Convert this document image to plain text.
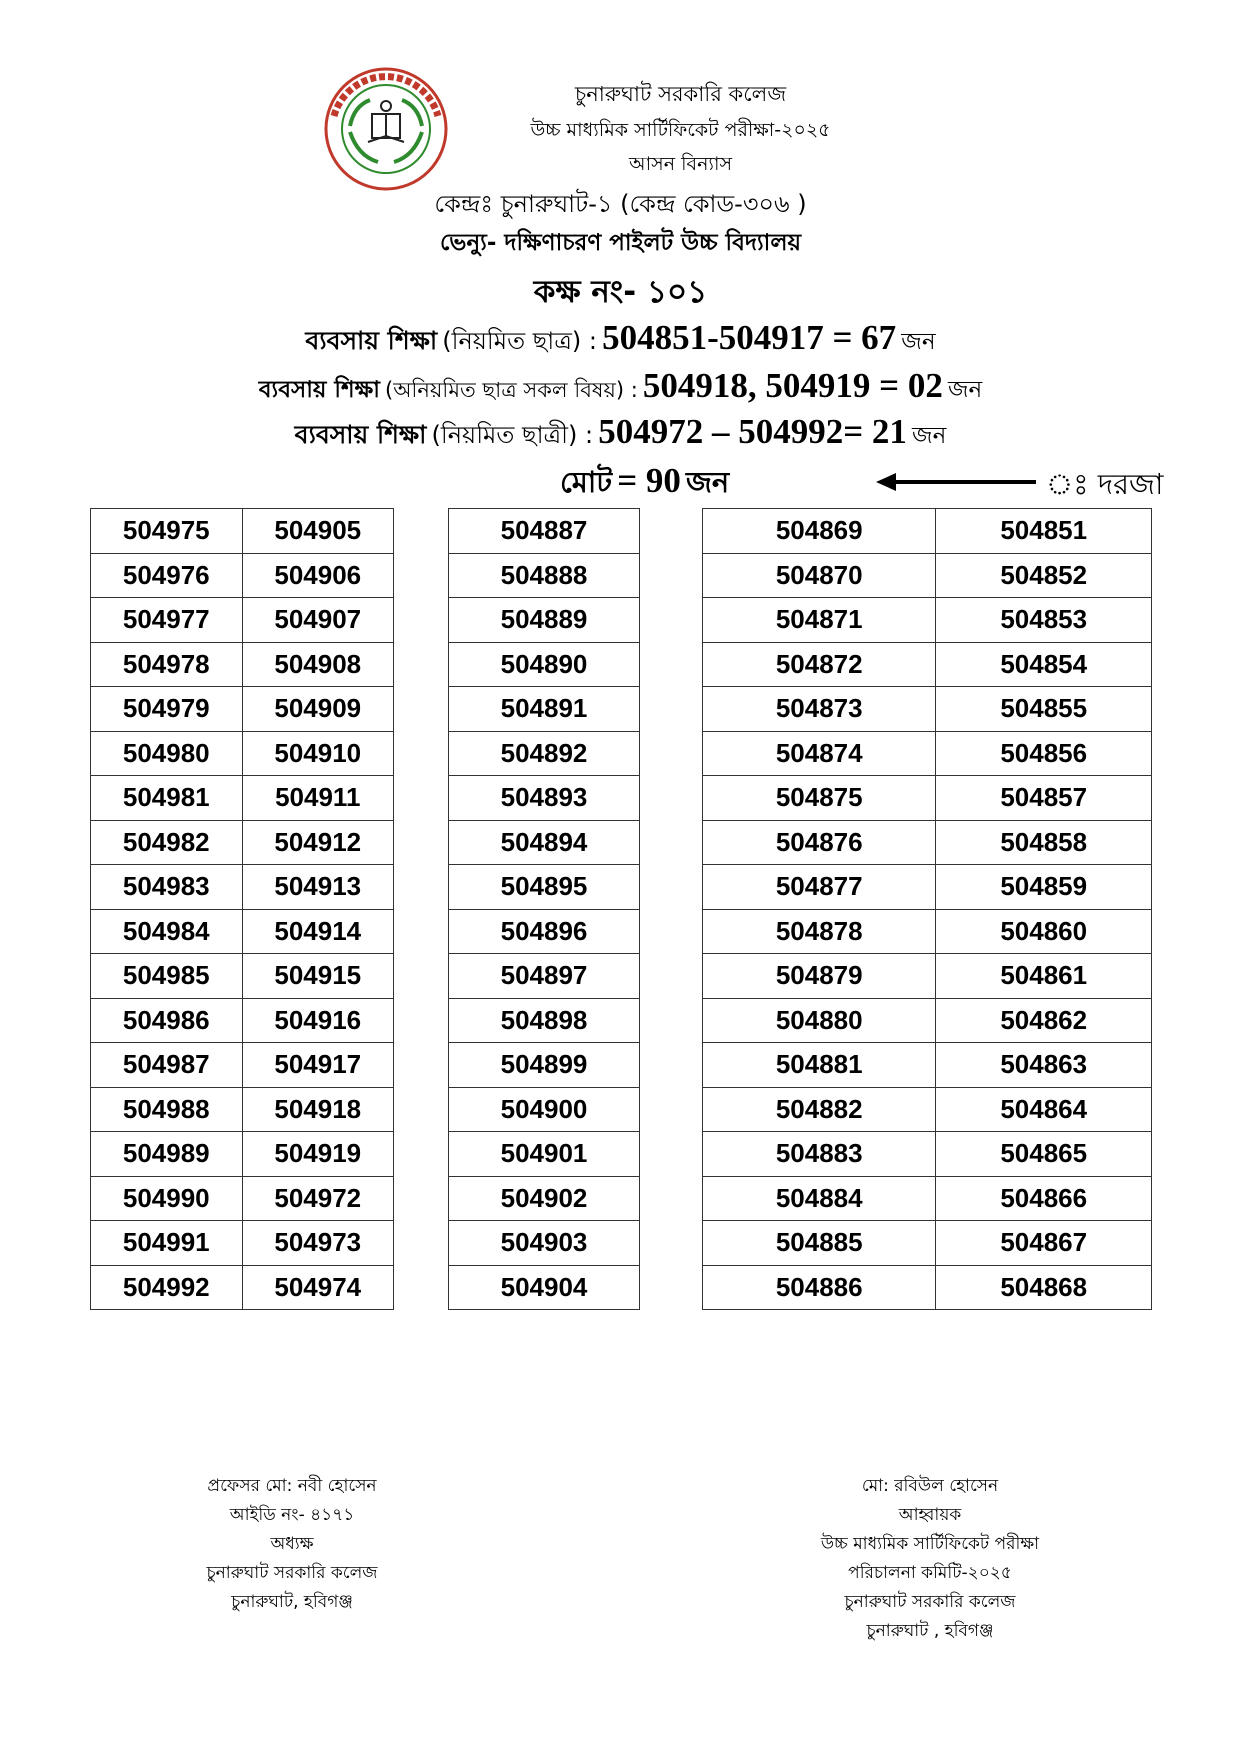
চুনারুঘাট সরকারি কলেজ
উচ্চ মাধ্যমিক সার্টিফিকেট পরীক্ষা-২০২৫
আসন বিন্যাস
কেন্দ্রঃ চুনারুঘাট-১ (কেন্দ্র কোড-৩০৬ )
ভেন্যু- দক্ষিণাচরণ পাইলট উচ্চ বিদ্যালয়
কক্ষ নং- ১০১
ব্যবসায় শিক্ষা (নিয়মিত ছাত্র) : 504851-504917 = 67 জন
ব্যবসায় শিক্ষা (অনিয়মিত ছাত্র সকল বিষয়) : 504918, 504919 = 02 জন
ব্যবসায় শিক্ষা (নিয়মিত ছাত্রী) : 504972 – 504992= 21 জন
মোট = 90 জন	ঃ দরজা
504975	504905
504976	504906
504977	504907
504978	504908
504979	504909
504980	504910
504981	504911
504982	504912
504983	504913
504984	504914
504985	504915
504986	504916
504987	504917
504988	504918
504989	504919
504990	504972
504991	504973
504992	504974
504887
504888
504889
504890
504891
504892
504893
504894
504895
504896
504897
504898
504899
504900
504901
504902
504903
504904
504869	504851
504870	504852
504871	504853
504872	504854
504873	504855
504874	504856
504875	504857
504876	504858
504877	504859
504878	504860
504879	504861
504880	504862
504881	504863
504882	504864
504883	504865
504884	504866
504885	504867
504886	504868
প্রফেসর মো: নবী হোসেন
আইডি নং- ৪১৭১
অধ্যক্ষ
চুনারুঘাট সরকারি কলেজ
চুনারুঘাট, হবিগঞ্জ
মো: রবিউল হোসেন
আহ্বায়ক
উচ্চ মাধ্যমিক সার্টিফিকেট পরীক্ষা
পরিচালনা কমিটি-২০২৫
চুনারুঘাট সরকারি কলেজ
চুনারুঘাট , হবিগঞ্জ
